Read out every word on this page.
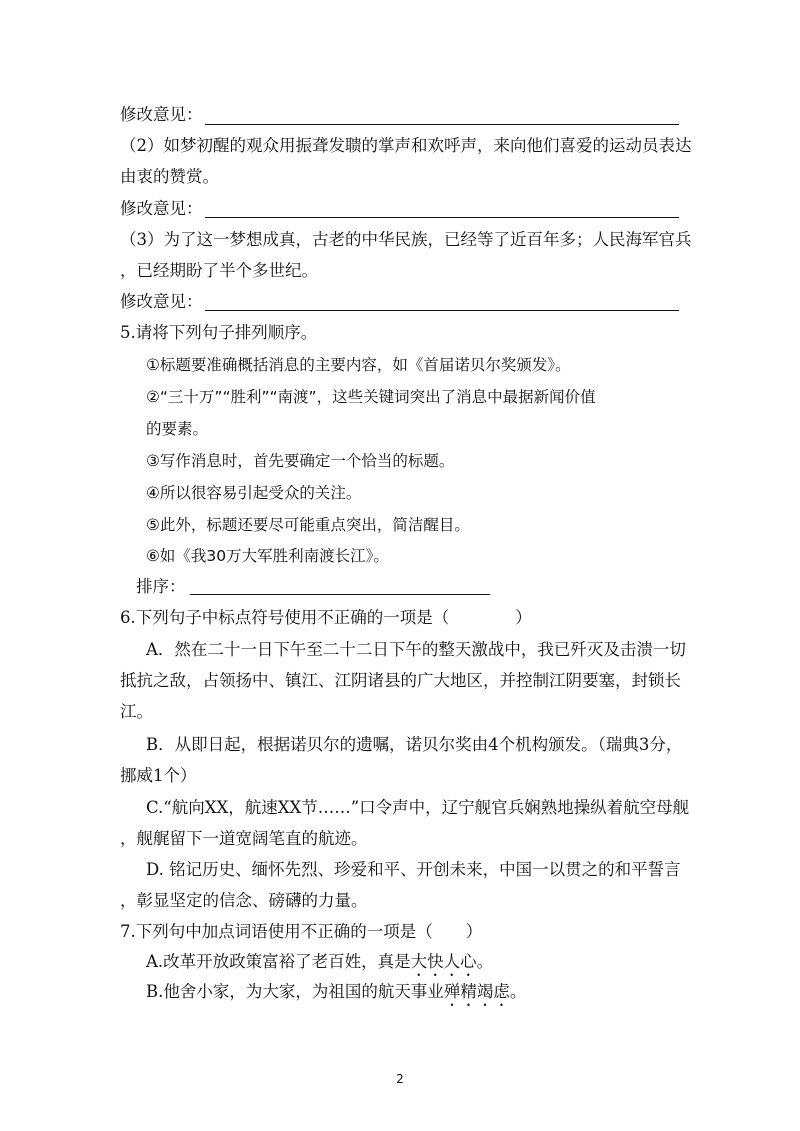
修改意见：
（2）如梦初醒的观众用振聋发聩的掌声和欢呼声，来向他们喜爱的运动员表达
由衷的赞赏。
修改意见：
（3）为了这一梦想成真，古老的中华民族，已经等了近百年多；人民海军官兵
，已经期盼了半个多世纪。
修改意见：
5.请将下列句子排列顺序。
①标题要准确概括消息的主要内容，如《首届诺贝尔奖颁发》。
②“三十万”“胜利”“南渡”，这些关键词突出了消息中最据新闻价值
的要素。
③写作消息时，首先要确定一个恰当的标题。
④所以很容易引起受众的关注。
⑤此外，标题还要尽可能重点突出，简洁醒目。
⑥如《我30万大军胜利南渡长江》。
排序：
6.下列句子中标点符号使用不正确的一项是（　　　　）
A．然在二十一日下午至二十二日下午的整天激战中，我已歼灭及击溃一切
抵抗之敌，占领扬中、镇江、江阴诸县的广大地区，并控制江阴要塞，封锁长
江。
B．从即日起，根据诺贝尔的遗嘱，诺贝尔奖由4个机构颁发。（瑞典3分，
挪威1个）
C.“航向XX，航速XX节……”口令声中，辽宁舰官兵娴熟地操纵着航空母舰
，舰艉留下一道宽阔笔直的航迹。
D. 铭记历史、缅怀先烈、珍爱和平、开创未来，中国一以贯之的和平誓言
，彰显坚定的信念、磅礴的力量。
7.下列句中加点词语使用不正确的一项是（　　）
A.改革开放政策富裕了老百姓，真是大快人心。
B.他舍小家，为大家，为祖国的航天事业殚精竭虑。
2
